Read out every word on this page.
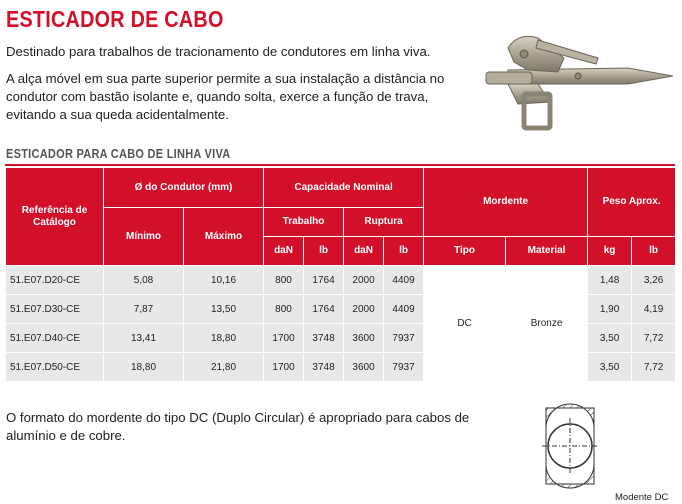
ESTICADOR DE CABO
Destinado para trabalhos de tracionamento de condutores em linha viva.
A alça móvel em sua parte superior permite a sua instalação a distância no condutor com bastão isolante e, quando solta, exerce a função de trava, evitando a sua queda acidentalmente.
ESTICADOR PARA CABO DE LINHA VIVA
Referência de Catálogo	Ø do Condutor (mm)		Capacidade Nominal				Mordente		Peso Aprox.	
	Mínimo	Máximo	Trabalho		Ruptura					
			daN	lb	daN	lb	Tipo	Material	kg	lb
51.E07.D20-CE	5,08	10,16	800	1764	2000	4409	DC	Bronze	1,48	3,26
51.E07.D30-CE	7,87	13,50	800	1764	2000	4409			1,90	4,19
51.E07.D40-CE	13,41	18,80	1700	3748	3600	7937			3,50	7,72
51.E07.D50-CE	18,80	21,80	1700	3748	3600	7937			3,50	7,72
O formato do mordente do tipo DC (Duplo Circular) é apropriado para cabos de alumínio e de cobre.
Modente DC
